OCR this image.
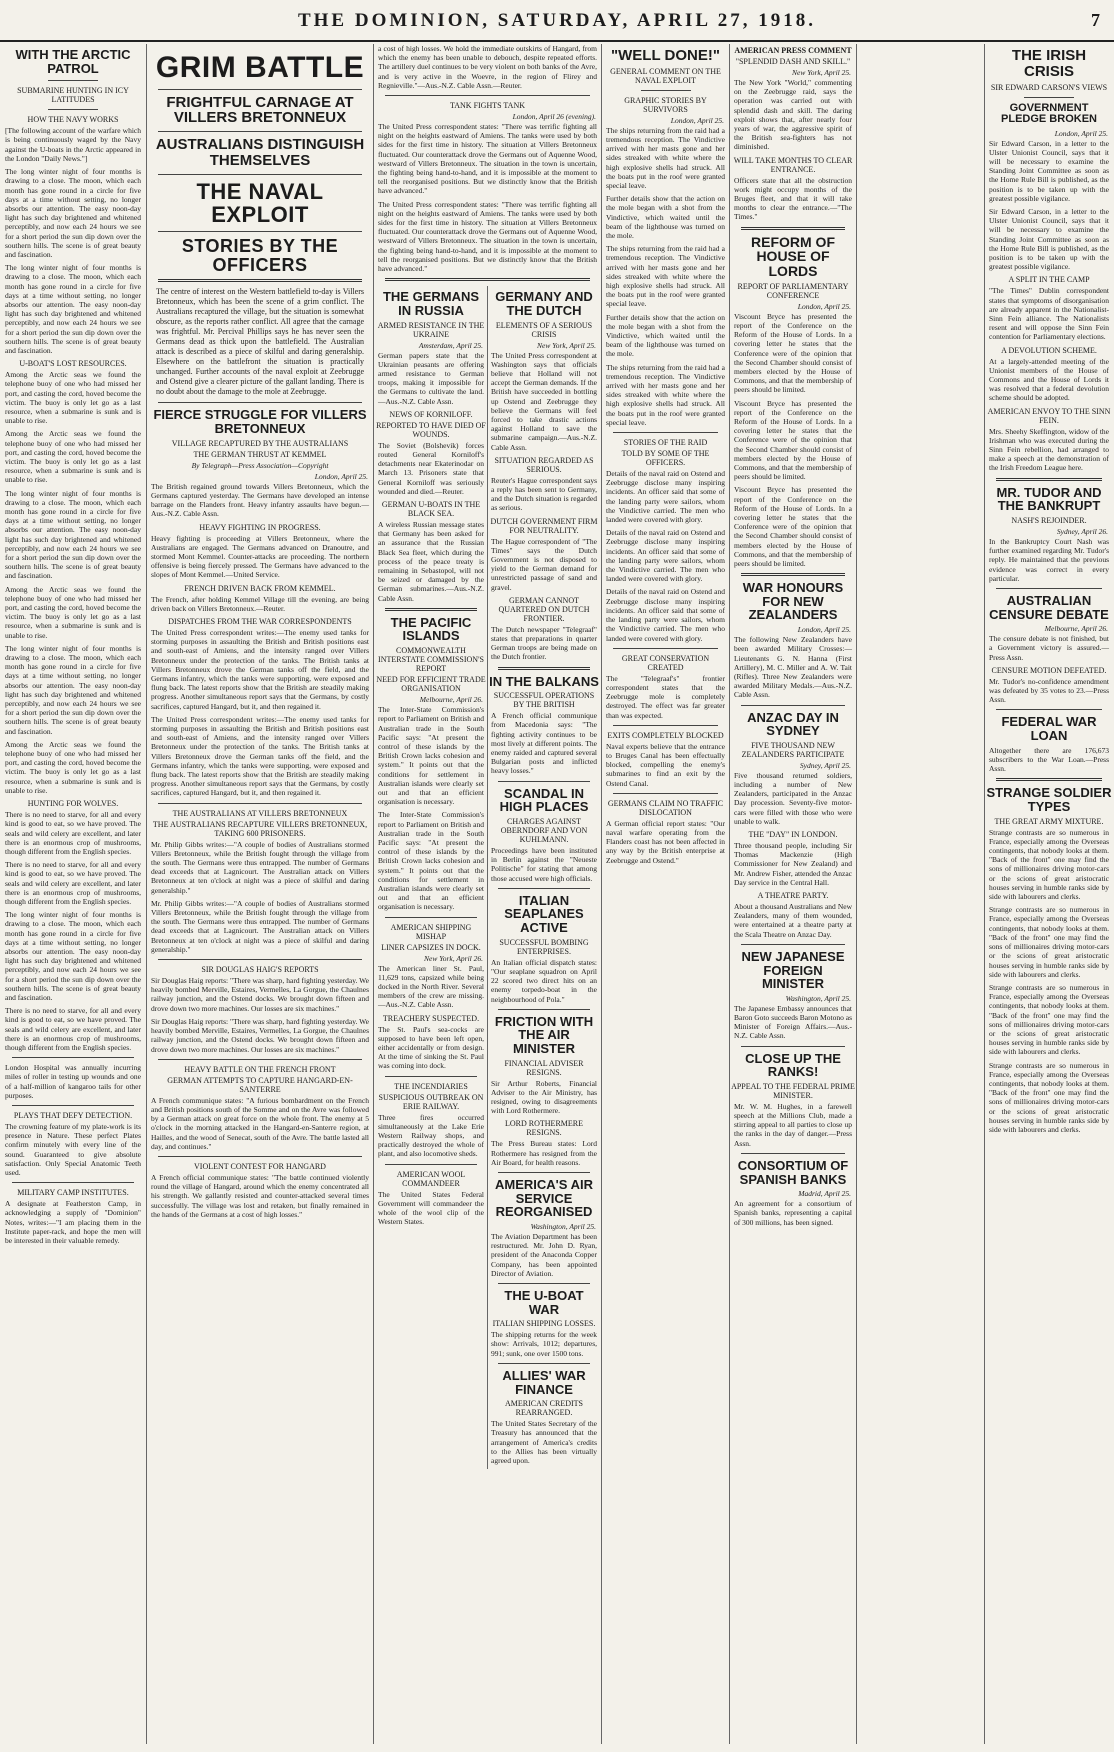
THE DOMINION, SATURDAY, APRIL 27, 1918.	7
WITH THE ARCTIC PATROL
SUBMARINE HUNTING IN ICY LATITUDES
HOW THE NAVY WORKS
[The following account of the warfare which is being continuously waged by the Navy against the U-boats in the Arctic appeared in the London "Daily News."]
The long winter night of four months is drawing to a close. The moon, which each month has gone round in a circle for five days at a time without setting, no longer absorbs our attention. The easy noon-day light has such day brightened and whitened perceptibly, and now each 24 hours we see for a short period the sun dip down over the southern hills. The scene is of great beauty and fascination.
The long winter night of four months is drawing to a close. The moon, which each month has gone round in a circle for five days at a time without setting, no longer absorbs our attention. The easy noon-day light has such day brightened and whitened perceptibly, and now each 24 hours we see for a short period the sun dip down over the southern hills. The scene is of great beauty and fascination.
U-BOAT'S LOST RESOURCES.
Among the Arctic seas we found the telephone buoy of one who had missed her port, and casting the cord, hoved become the victim. The buoy is only let go as a last resource, when a submarine is sunk and is unable to rise.
Among the Arctic seas we found the telephone buoy of one who had missed her port, and casting the cord, hoved become the victim. The buoy is only let go as a last resource, when a submarine is sunk and is unable to rise.
The long winter night of four months is drawing to a close. The moon, which each month has gone round in a circle for five days at a time without setting, no longer absorbs our attention. The easy noon-day light has such day brightened and whitened perceptibly, and now each 24 hours we see for a short period the sun dip down over the southern hills. The scene is of great beauty and fascination.
Among the Arctic seas we found the telephone buoy of one who had missed her port, and casting the cord, hoved become the victim. The buoy is only let go as a last resource, when a submarine is sunk and is unable to rise.
The long winter night of four months is drawing to a close. The moon, which each month has gone round in a circle for five days at a time without setting, no longer absorbs our attention. The easy noon-day light has such day brightened and whitened perceptibly, and now each 24 hours we see for a short period the sun dip down over the southern hills. The scene is of great beauty and fascination.
Among the Arctic seas we found the telephone buoy of one who had missed her port, and casting the cord, hoved become the victim. The buoy is only let go as a last resource, when a submarine is sunk and is unable to rise.
HUNTING FOR WOLVES.
There is no need to starve, for all and every kind is good to eat, so we have proved. The seals and wild celery are excellent, and later there is an enormous crop of mushrooms, though different from the English species.
There is no need to starve, for all and every kind is good to eat, so we have proved. The seals and wild celery are excellent, and later there is an enormous crop of mushrooms, though different from the English species.
The long winter night of four months is drawing to a close. The moon, which each month has gone round in a circle for five days at a time without setting, no longer absorbs our attention. The easy noon-day light has such day brightened and whitened perceptibly, and now each 24 hours we see for a short period the sun dip down over the southern hills. The scene is of great beauty and fascination.
There is no need to starve, for all and every kind is good to eat, so we have proved. The seals and wild celery are excellent, and later there is an enormous crop of mushrooms, though different from the English species.
London Hospital was annually incurring miles of roller in testing up wounds and one of a half-million of kangaroo tails for other purposes.
PLAYS THAT DEFY DETECTION.
The crowning feature of my plate-work is its presence in Nature. These perfect Plates confirm minutely with every line of the sound. Guaranteed to give absolute satisfaction. Only Special Anatomic Teeth used.
MILITARY CAMP INSTITUTES.
A designate at Featherston Camp, in acknowledging a supply of "Dominion" Notes, writes:—"I am placing them in the Institute paper-rack, and hope the men will be interested in their valuable remedy.
GRIM BATTLE
FRIGHTFUL CARNAGE AT VILLERS BRETONNEUX
AUSTRALIANS DISTINGUISH THEMSELVES
THE NAVAL EXPLOIT
STORIES BY THE OFFICERS
The centre of interest on the Western battlefield to-day is Villers Bretonneux, which has been the scene of a grim conflict. The Australians recaptured the village, but the situation is somewhat obscure, as the reports rather conflict. All agree that the carnage was frightful. Mr. Percival Phillips says he has never seen the Germans dead as thick upon the battlefield. The Australian attack is described as a piece of skilful and daring generalship. Elsewhere on the battlefront the situation is practically unchanged. Further accounts of the naval exploit at Zeebrugge and Ostend give a clearer picture of the gallant landing. There is no doubt about the damage to the mole at Zeebrugge.
FIERCE STRUGGLE FOR VILLERS BRETONNEUX
VILLAGE RECAPTURED BY THE AUSTRALIANS
THE GERMAN THRUST AT KEMMEL
By Telegraph—Press Association—Copyright
London, April 25.
The British regained ground towards Villers Bretonneux, which the Germans captured yesterday. The Germans have developed an intense barrage on the Flanders front. Heavy infantry assaults have begun.—Aus.-N.Z. Cable Assn.
HEAVY FIGHTING IN PROGRESS.
Heavy fighting is proceeding at Villers Bretonneux, where the Australians are engaged. The Germans advanced on Dranoutre, and stormed Mont Kemmel. Counter-attacks are proceeding. The northern offensive is being fiercely pressed. The Germans have advanced to the slopes of Mont Kemmel.—United Service.
FRENCH DRIVEN BACK FROM KEMMEL.
The French, after holding Kemmel Village till the evening, are being driven back on Villers Bretonneux.—Reuter.
DISPATCHES FROM THE WAR CORRESPONDENTS
The United Press correspondent writes:—The enemy used tanks for storming purposes in assaulting the British and British positions east and south-east of Amiens, and the intensity ranged over Villers Bretonneux under the protection of the tanks. The British tanks at Villers Bretonneux drove the German tanks off the field, and the Germans infantry, which the tanks were supporting, were exposed and flung back. The latest reports show that the British are steadily making progress. Another simultaneous report says that the Germans, by costly sacrifices, captured Hangard, but it, and then regained it.
The United Press correspondent writes:—The enemy used tanks for storming purposes in assaulting the British and British positions east and south-east of Amiens, and the intensity ranged over Villers Bretonneux under the protection of the tanks. The British tanks at Villers Bretonneux drove the German tanks off the field, and the Germans infantry, which the tanks were supporting, were exposed and flung back. The latest reports show that the British are steadily making progress. Another simultaneous report says that the Germans, by costly sacrifices, captured Hangard, but it, and then regained it.
THE AUSTRALIANS AT VILLERS BRETONNEUX
THE AUSTRALIANS RECAPTURE VILLERS BRETONNEUX, TAKING 600 PRISONERS.
Mr. Philip Gibbs writes:—"A couple of bodies of Australians stormed Villers Bretonneux, while the British fought through the village from the south. The Germans were thus entrapped. The number of Germans dead exceeds that at Lagnicourt. The Australian attack on Villers Bretonneux at ten o'clock at night was a piece of skilful and daring generalship."
Mr. Philip Gibbs writes:—"A couple of bodies of Australians stormed Villers Bretonneux, while the British fought through the village from the south. The Germans were thus entrapped. The number of Germans dead exceeds that at Lagnicourt. The Australian attack on Villers Bretonneux at ten o'clock at night was a piece of skilful and daring generalship."
SIR DOUGLAS HAIG'S REPORTS
Sir Douglas Haig reports: "There was sharp, hard fighting yesterday. We heavily bombed Merville, Estaires, Vermelles, La Gorgue, the Chaulnes railway junction, and the Ostend docks. We brought down fifteen and drove down two more machines. Our losses are six machines."
Sir Douglas Haig reports: "There was sharp, hard fighting yesterday. We heavily bombed Merville, Estaires, Vermelles, La Gorgue, the Chaulnes railway junction, and the Ostend docks. We brought down fifteen and drove down two more machines. Our losses are six machines."
HEAVY BATTLE ON THE FRENCH FRONT
GERMAN ATTEMPTS TO CAPTURE HANGARD-EN-SANTERRE
A French communique states: "A furious bombardment on the French and British positions south of the Somme and on the Avre was followed by a German attack on great force on the whole front. The enemy at 5 o'clock in the morning attacked in the Hangard-en-Santerre region, at Hailles, and the wood of Senecat, south of the Avre. The battle lasted all day, and continues."
VIOLENT CONTEST FOR HANGARD
A French official communique states: "The battle continued violently round the village of Hangard, around which the enemy concentrated all his strength. We gallantly resisted and counter-attacked several times successfully. The village was lost and retaken, but finally remained in the hands of the Germans at a cost of high losses."
a cost of high losses. We hold the immediate outskirts of Hangard, from which the enemy has been unable to debouch, despite repeated efforts. The artillery duel continues to be very violent on both banks of the Avre, and is very active in the Woevre, in the region of Flirey and Regnieville."—Aus.-N.Z. Cable Assn.—Reuter.
TANK FIGHTS TANK
London, April 26 (evening).
The United Press correspondent states: "There was terrific fighting all night on the heights eastward of Amiens. The tanks were used by both sides for the first time in history. The situation at Villers Bretonneux fluctuated. Our counterattack drove the Germans out of Aquenne Wood, westward of Villers Bretonneux. The situation in the town is uncertain, the fighting being hand-to-hand, and it is impossible at the moment to tell the reorganised positions. But we distinctly know that the British have advanced."
The United Press correspondent states: "There was terrific fighting all night on the heights eastward of Amiens. The tanks were used by both sides for the first time in history. The situation at Villers Bretonneux fluctuated. Our counterattack drove the Germans out of Aquenne Wood, westward of Villers Bretonneux. The situation in the town is uncertain, the fighting being hand-to-hand, and it is impossible at the moment to tell the reorganised positions. But we distinctly know that the British have advanced."
THE GERMANS IN RUSSIA
ARMED RESISTANCE IN THE UKRAINE
Amsterdam, April 25.
German papers state that the Ukrainian peasants are offering armed resistance to German troops, making it impossible for the Germans to cultivate the land.—Aus.-N.Z. Cable Assn.
NEWS OF KORNILOFF.
REPORTED TO HAVE DIED OF WOUNDS.
The Soviet (Bolshevik) forces routed General Korniloff's detachments near Ekaterinodar on March 13. Prisoners state that General Korniloff was seriously wounded and died.—Reuter.
GERMAN U-BOATS IN THE BLACK SEA.
A wireless Russian message states that Germany has been asked for an assurance that the Russian Black Sea fleet, which during the process of the peace treaty is remaining in Sebastopol, will not be seized or damaged by the German submarines.—Aus.-N.Z. Cable Assn.
THE PACIFIC ISLANDS
COMMONWEALTH INTERSTATE COMMISSION'S REPORT
NEED FOR EFFICIENT TRADE ORGANISATION
Melbourne, April 26.
The Inter-State Commission's report to Parliament on British and Australian trade in the South Pacific says: "At present the control of these islands by the British Crown lacks cohesion and system." It points out that the conditions for settlement in Australian islands were clearly set out and that an efficient organisation is necessary.
The Inter-State Commission's report to Parliament on British and Australian trade in the South Pacific says: "At present the control of these islands by the British Crown lacks cohesion and system." It points out that the conditions for settlement in Australian islands were clearly set out and that an efficient organisation is necessary.
AMERICAN SHIPPING MISHAP
LINER CAPSIZES IN DOCK.
New York, April 26.
The American liner St. Paul, 11,629 tons, capsized while being docked in the North River. Several members of the crew are missing.—Aus.-N.Z. Cable Assn.
TREACHERY SUSPECTED.
The St. Paul's sea-cocks are supposed to have been left open, either accidentally or from design. At the time of sinking the St. Paul was coming into dock.
THE INCENDIARIES
SUSPICIOUS OUTBREAK ON ERIE RAILWAY.
Three fires occurred simultaneously at the Lake Erie Western Railway shops, and practically destroyed the whole of plant, and also locomotive sheds.
AMERICAN WOOL COMMANDEER
The United States Federal Government will commandeer the whole of the wool clip of the Western States.
GERMANY AND THE DUTCH
ELEMENTS OF A SERIOUS CRISIS
New York, April 25.
The United Press correspondent at Washington says that officials believe that Holland will not accept the German demands. If the British have succeeded in bottling up Ostend and Zeebrugge they believe the Germans will feel forced to take drastic actions against Holland to save the submarine campaign.—Aus.-N.Z. Cable Assn.
SITUATION REGARDED AS SERIOUS.
Reuter's Hague correspondent says a reply has been sent to Germany, and the Dutch situation is regarded as serious.
DUTCH GOVERNMENT FIRM FOR NEUTRALITY.
The Hague correspondent of "The Times" says the Dutch Government is not disposed to yield to the German demand for unrestricted passage of sand and gravel.
GERMAN CANNOT QUARTERED ON DUTCH FRONTIER.
The Dutch newspaper "Telegraaf" states that preparations in quarter German troops are being made on the Dutch frontier.
IN THE BALKANS
SUCCESSFUL OPERATIONS BY THE BRITISH
A French official communique from Macedonia says: "The fighting activity continues to be most lively at different points. The enemy raided and captured several Bulgarian posts and inflicted heavy losses."
SCANDAL IN HIGH PLACES
CHARGES AGAINST OBERNDORF AND VON KUHLMANN.
Proceedings have been instituted in Berlin against the "Neueste Politische" for stating that among those accused were high officials.
ITALIAN SEAPLANES ACTIVE
SUCCESSFUL BOMBING ENTERPRISES.
An Italian official dispatch states: "Our seaplane squadron on April 22 scored two direct hits on an enemy torpedo-boat in the neighbourhood of Pola."
FRICTION WITH THE AIR MINISTER
FINANCIAL ADVISER RESIGNS.
Sir Arthur Roberts, Financial Adviser to the Air Ministry, has resigned, owing to disagreements with Lord Rothermere.
LORD ROTHERMERE RESIGNS.
The Press Bureau states: Lord Rothermere has resigned from the Air Board, for health reasons.
AMERICA'S AIR SERVICE REORGANISED
Washington, April 25.
The Aviation Department has been restructured. Mr. John D. Ryan, president of the Anaconda Copper Company, has been appointed Director of Aviation.
THE U-BOAT WAR
ITALIAN SHIPPING LOSSES.
The shipping returns for the week show: Arrivals, 1012; departures, 991; sunk, one over 1500 tons.
ALLIES' WAR FINANCE
AMERICAN CREDITS REARRANGED.
The United States Secretary of the Treasury has announced that the arrangement of America's credits to the Allies has been virtually agreed upon.
"WELL DONE!"
GENERAL COMMENT ON THE NAVAL EXPLOIT
GRAPHIC STORIES BY SURVIVORS
London, April 25.
The ships returning from the raid had a tremendous reception. The Vindictive arrived with her masts gone and her sides streaked with white where the high explosive shells had struck. All the boats put in the roof were granted special leave.
Further details show that the action on the mole began with a shot from the Vindictive, which waited until the beam of the lighthouse was turned on the mole.
The ships returning from the raid had a tremendous reception. The Vindictive arrived with her masts gone and her sides streaked with white where the high explosive shells had struck. All the boats put in the roof were granted special leave.
Further details show that the action on the mole began with a shot from the Vindictive, which waited until the beam of the lighthouse was turned on the mole.
The ships returning from the raid had a tremendous reception. The Vindictive arrived with her masts gone and her sides streaked with white where the high explosive shells had struck. All the boats put in the roof were granted special leave.
STORIES OF THE RAID
TOLD BY SOME OF THE OFFICERS.
Details of the naval raid on Ostend and Zeebrugge disclose many inspiring incidents. An officer said that some of the landing party were sailors, whom the Vindictive carried. The men who landed were covered with glory.
Details of the naval raid on Ostend and Zeebrugge disclose many inspiring incidents. An officer said that some of the landing party were sailors, whom the Vindictive carried. The men who landed were covered with glory.
Details of the naval raid on Ostend and Zeebrugge disclose many inspiring incidents. An officer said that some of the landing party were sailors, whom the Vindictive carried. The men who landed were covered with glory.
GREAT CONSERVATION CREATED
The "Telegraaf's" frontier correspondent states that the Zeebrugge mole is completely destroyed. The effect was far greater than was expected.
EXITS COMPLETELY BLOCKED
Naval experts believe that the entrance to Bruges Canal has been effectually blocked, compelling the enemy's submarines to find an exit by the Ostend Canal.
GERMANS CLAIM NO TRAFFIC DISLOCATION
A German official report states: "Our naval warfare operating from the Flanders coast has not been affected in any way by the British enterprise at Zeebrugge and Ostend."
AMERICAN PRESS COMMENT
"SPLENDID DASH AND SKILL."
New York, April 25.
The New York "World," commenting on the Zeebrugge raid, says the operation was carried out with splendid dash and skill. The daring exploit shows that, after nearly four years of war, the aggressive spirit of the British sea-fighters has not diminished.
WILL TAKE MONTHS TO CLEAR ENTRANCE.
Officers state that all the obstruction work might occupy months of the Bruges fleet, and that it will take months to clear the entrance.—"The Times."
REFORM OF HOUSE OF LORDS
REPORT OF PARLIAMENTARY CONFERENCE
London, April 25.
Viscount Bryce has presented the report of the Conference on the Reform of the House of Lords. In a covering letter he states that the Conference were of the opinion that the Second Chamber should consist of members elected by the House of Commons, and that the membership of peers should be limited.
Viscount Bryce has presented the report of the Conference on the Reform of the House of Lords. In a covering letter he states that the Conference were of the opinion that the Second Chamber should consist of members elected by the House of Commons, and that the membership of peers should be limited.
Viscount Bryce has presented the report of the Conference on the Reform of the House of Lords. In a covering letter he states that the Conference were of the opinion that the Second Chamber should consist of members elected by the House of Commons, and that the membership of peers should be limited.
WAR HONOURS FOR NEW ZEALANDERS
London, April 25.
The following New Zealanders have been awarded Military Crosses:—Lieutenants G. N. Hanna (First Artillery), M. C. Miller and A. W. Tait (Rifles). Three New Zealanders were awarded Military Medals.—Aus.-N.Z. Cable Assn.
ANZAC DAY IN SYDNEY
FIVE THOUSAND NEW ZEALANDERS PARTICIPATE
Sydney, April 25.
Five thousand returned soldiers, including a number of New Zealanders, participated in the Anzac Day procession. Seventy-five motor-cars were filled with those who were unable to walk.
THE "DAY" IN LONDON.
Three thousand people, including Sir Thomas Mackenzie (High Commissioner for New Zealand) and Mr. Andrew Fisher, attended the Anzac Day service in the Central Hall.
A THEATRE PARTY.
About a thousand Australians and New Zealanders, many of them wounded, were entertained at a theatre party at the Scala Theatre on Anzac Day.
NEW JAPANESE FOREIGN MINISTER
Washington, April 25.
The Japanese Embassy announces that Baron Goto succeeds Baron Motono as Minister of Foreign Affairs.—Aus.-N.Z. Cable Assn.
CLOSE UP THE RANKS!
APPEAL TO THE FEDERAL PRIME MINISTER.
Mr. W. M. Hughes, in a farewell speech at the Millions Club, made a stirring appeal to all parties to close up the ranks in the day of danger.—Press Assn.
CONSORTIUM OF SPANISH BANKS
Madrid, April 25.
An agreement for a consortium of Spanish banks, representing a capital of 300 millions, has been signed.
THE IRISH CRISIS
SIR EDWARD CARSON'S VIEWS
GOVERNMENT PLEDGE BROKEN
London, April 25.
Sir Edward Carson, in a letter to the Ulster Unionist Council, says that it will be necessary to examine the Standing Joint Committee as soon as the Home Rule Bill is published, as the position is to be taken up with the greatest possible vigilance.
Sir Edward Carson, in a letter to the Ulster Unionist Council, says that it will be necessary to examine the Standing Joint Committee as soon as the Home Rule Bill is published, as the position is to be taken up with the greatest possible vigilance.
A SPLIT IN THE CAMP
"The Times" Dublin correspondent states that symptoms of disorganisation are already apparent in the Nationalist-Sinn Fein alliance. The Nationalists resent and will oppose the Sinn Fein contention for Parliamentary elections.
A DEVOLUTION SCHEME.
At a largely-attended meeting of the Unionist members of the House of Commons and the House of Lords it was resolved that a federal devolution scheme should be adopted.
AMERICAN ENVOY TO THE SINN FEIN.
Mrs. Sheehy Skeffington, widow of the Irishman who was executed during the Sinn Fein rebellion, had arranged to make a speech at the demonstration of the Irish Freedom League here.
MR. TUDOR AND THE BANKRUPT
NASH'S REJOINDER.
Sydney, April 26.
In the Bankruptcy Court Nash was further examined regarding Mr. Tudor's reply. He maintained that the previous evidence was correct in every particular.
AUSTRALIAN CENSURE DEBATE
Melbourne, April 26.
The censure debate is not finished, but a Government victory is assured.—Press Assn.
CENSURE MOTION DEFEATED.
Mr. Tudor's no-confidence amendment was defeated by 35 votes to 23.—Press Assn.
FEDERAL WAR LOAN
Altogether there are 176,673 subscribers to the War Loan.—Press Assn.
STRANGE SOLDIER TYPES
THE GREAT ARMY MIXTURE.
Strange contrasts are so numerous in France, especially among the Overseas contingents, that nobody looks at them. "Back of the front" one may find the sons of millionaires driving motor-cars or the scions of great aristocratic houses serving in humble ranks side by side with labourers and clerks.
Strange contrasts are so numerous in France, especially among the Overseas contingents, that nobody looks at them. "Back of the front" one may find the sons of millionaires driving motor-cars or the scions of great aristocratic houses serving in humble ranks side by side with labourers and clerks.
Strange contrasts are so numerous in France, especially among the Overseas contingents, that nobody looks at them. "Back of the front" one may find the sons of millionaires driving motor-cars or the scions of great aristocratic houses serving in humble ranks side by side with labourers and clerks.
Strange contrasts are so numerous in France, especially among the Overseas contingents, that nobody looks at them. "Back of the front" one may find the sons of millionaires driving motor-cars or the scions of great aristocratic houses serving in humble ranks side by side with labourers and clerks.
